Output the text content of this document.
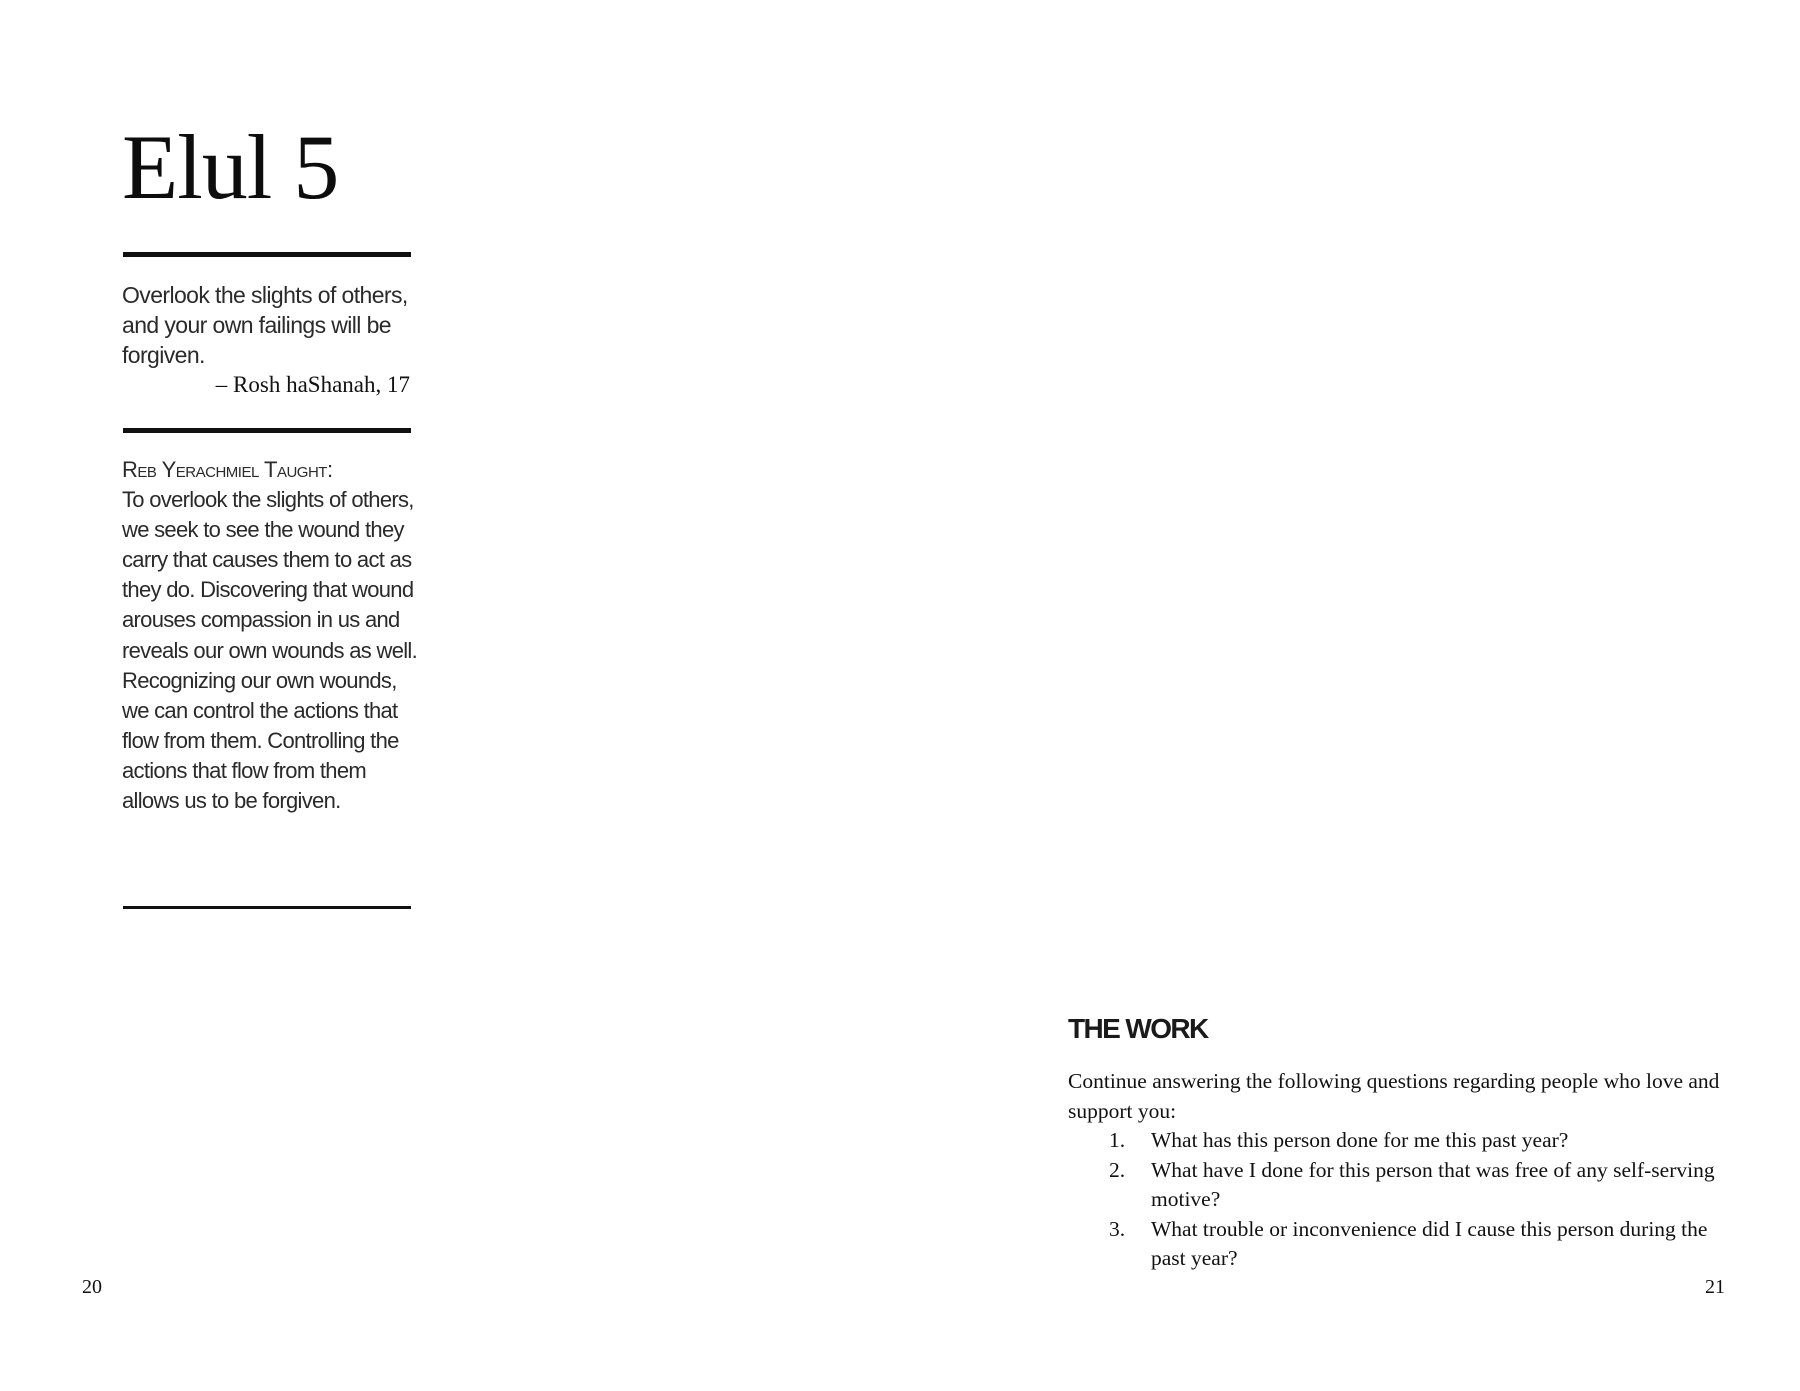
Elul 5

Overlook the slights of others, and your own failings will be forgiven.

– Rosh haShanah, 17
Reb Yerachmiel Taught:
To overlook the slights of others, we seek to see the wound they carry that causes them to act as they do. Discovering that wound arouses compassion in us and reveals our own wounds as well. Recognizing our own wounds, we can control the actions that flow from them. Controlling the actions that flow from them allows us to be forgiven.
20
THE WORK

Continue answering the following questions regarding people who love and support you:

1. What has this person done for me this past year?
2. What have I done for this person that was free of any self-serving motive?
3. What trouble or inconvenience did I cause this person during the past year?
21
